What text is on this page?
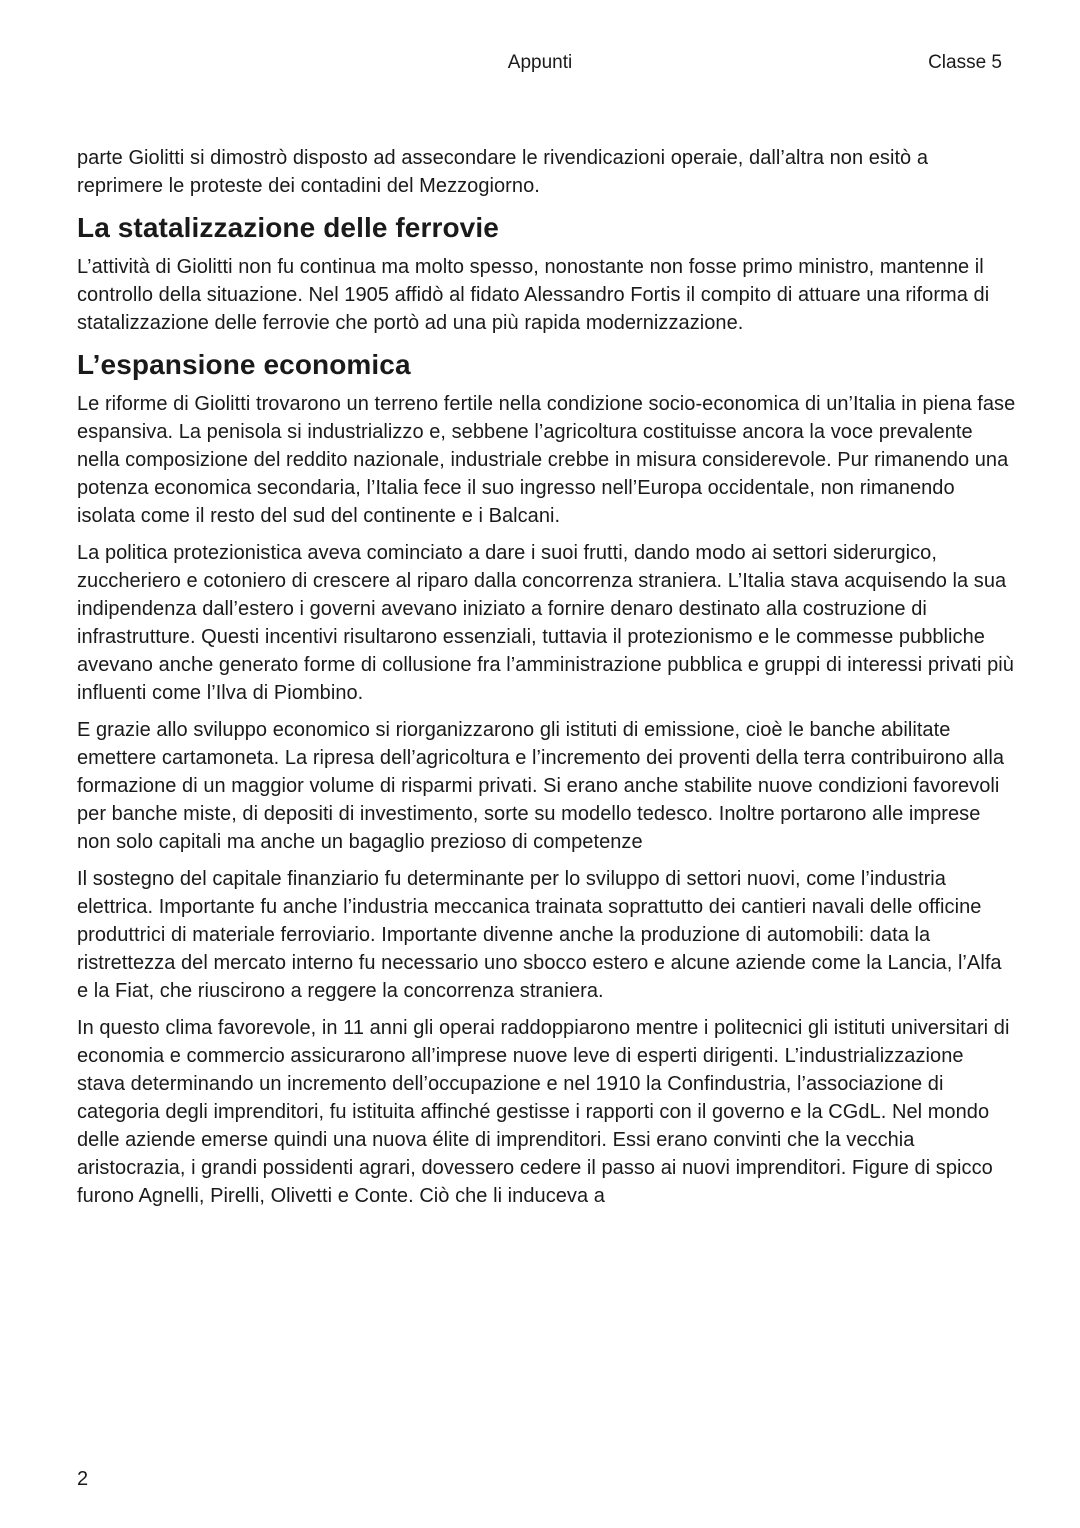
Appunti	Classe 5

parte Giolitti si dimostrò disposto ad assecondare le rivendicazioni operaie, dall’altra non esitò a reprimere le proteste dei contadini del Mezzogiorno.

La statalizzazione delle ferrovie

L’attività di Giolitti non fu continua ma molto spesso, nonostante non fosse primo ministro, mantenne il controllo della situazione. Nel 1905 affidò al fidato Alessandro Fortis il compito di attuare una riforma di statalizzazione delle ferrovie che portò ad una più rapida modernizzazione.

L’espansione economica

Le riforme di Giolitti trovarono un terreno fertile nella condizione socio-economica di un’Italia in piena fase espansiva. La penisola si industrializzo e, sebbene l’agricoltura costituisse ancora la voce prevalente nella composizione del reddito nazionale, industriale crebbe in misura considerevole. Pur rimanendo una potenza economica secondaria, l’Italia fece il suo ingresso nell’Europa occidentale, non rimanendo isolata come il resto del sud del continente e i Balcani.

La politica protezionistica aveva cominciato a dare i suoi frutti, dando modo ai settori siderurgico, zuccheriero e cotoniero di crescere al riparo dalla concorrenza straniera. L’Italia stava acquisendo la sua indipendenza dall’estero i governi avevano iniziato a fornire denaro destinato alla costruzione di infrastrutture. Questi incentivi risultarono essenziali, tuttavia il protezionismo e le commesse pubbliche avevano anche generato forme di collusione fra l’amministrazione pubblica e gruppi di interessi privati più influenti come l’Ilva di Piombino.

E grazie allo sviluppo economico si riorganizzarono gli istituti di emissione, cioè le banche abilitate emettere cartamoneta. La ripresa dell’agricoltura e l’incremento dei proventi della terra contribuirono alla formazione di un maggior volume di risparmi privati. Si erano anche stabilite nuove condizioni favorevoli per banche miste, di depositi di investimento, sorte su modello tedesco. Inoltre portarono alle imprese non solo capitali ma anche un bagaglio prezioso di competenze

Il sostegno del capitale finanziario fu determinante per lo sviluppo di settori nuovi, come l’industria elettrica. Importante fu anche l’industria meccanica trainata soprattutto dei cantieri navali delle officine produttrici di materiale ferroviario. Importante divenne anche la produzione di automobili: data la ristrettezza del mercato interno fu necessario uno sbocco estero e alcune aziende come la Lancia, l’Alfa e la Fiat, che riuscirono a reggere la concorrenza straniera.

In questo clima favorevole, in 11 anni gli operai raddoppiarono mentre i politecnici gli istituti universitari di economia e commercio assicurarono all’imprese nuove leve di esperti dirigenti. L’industrializzazione stava determinando un incremento dell’occupazione e nel 1910 la Confindustria, l’associazione di categoria degli imprenditori, fu istituita affinché gestisse i rapporti con il governo e la CGdL. Nel mondo delle aziende emerse quindi una nuova élite di imprenditori. Essi erano convinti che la vecchia aristocrazia, i grandi possidenti agrari, dovessero cedere il passo ai nuovi imprenditori. Figure di spicco furono Agnelli, Pirelli, Olivetti e Conte. Ciò che li induceva a

2
